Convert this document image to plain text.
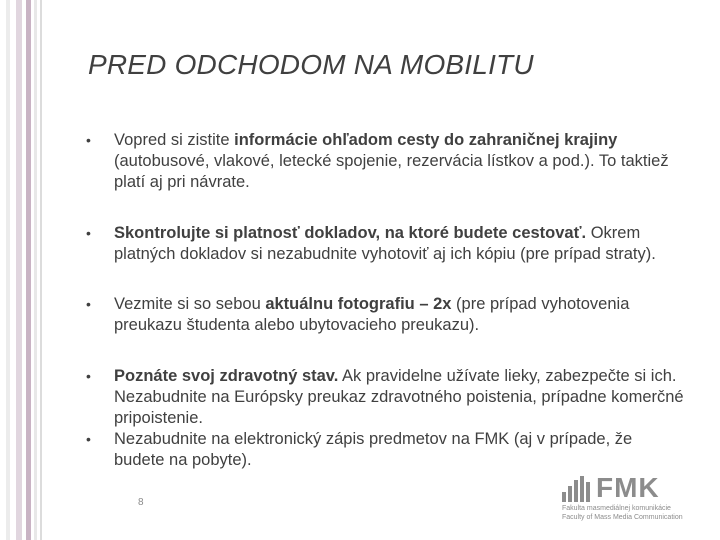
PRED ODCHODOM NA MOBILITU
• Vopred si zistite informácie ohľadom cesty do zahraničnej krajiny (autobusové, vlakové, letecké spojenie, rezervácia lístkov a pod.). To taktiež platí aj pri návrate.
• Skontrolujte si platnosť dokladov, na ktoré budete cestovať. Okrem platných dokladov si nezabudnite vyhotoviť aj ich kópiu (pre prípad straty).
• Vezmite si so sebou aktuálnu fotografiu – 2x (pre prípad vyhotovenia preukazu študenta alebo ubytovacieho preukazu).
• Poznáte svoj zdravotný stav. Ak pravidelne užívate lieky, zabezpečte si ich. Nezabudnite na Európsky preukaz zdravotného poistenia, prípadne komerčné pripoistenie.
• Nezabudnite na elektronický zápis predmetov na FMK (aj v prípade, že budete na pobyte).
8	FMK
Fakulta masmediálnej komunikácie
Faculty of Mass Media Communication
